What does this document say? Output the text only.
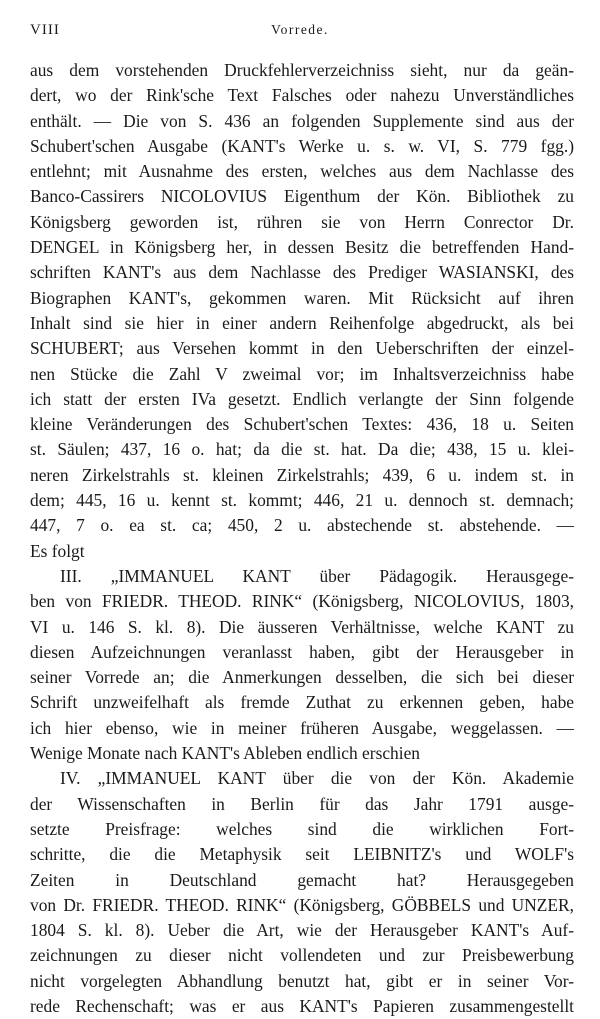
VIII	Vorrede.
aus dem vorstehenden Druckfehlerverzeichniss sieht, nur da geän-
dert, wo der Rink'sche Text Falsches oder nahezu Unverständliches
enthält. — Die von S. 436 an folgenden Supplemente sind aus der
Schubert'schen Ausgabe (KANT's Werke u. s. w. VI, S. 779 fgg.)
entlehnt; mit Ausnahme des ersten, welches aus dem Nachlasse des
Banco-Cassirers NICOLOVIUS Eigenthum der Kön. Bibliothek zu
Königsberg geworden ist, rühren sie von Herrn Conrector Dr.
DENGEL in Königsberg her, in dessen Besitz die betreffenden Hand-
schriften KANT's aus dem Nachlasse des Prediger WASIANSKI, des
Biographen KANT's, gekommen waren. Mit Rücksicht auf ihren
Inhalt sind sie hier in einer andern Reihenfolge abgedruckt, als bei
SCHUBERT; aus Versehen kommt in den Ueberschriften der einzel-
nen Stücke die Zahl V zweimal vor; im Inhaltsverzeichniss habe
ich statt der ersten IVa gesetzt. Endlich verlangte der Sinn folgende
kleine Veränderungen des Schubert'schen Textes: 436, 18 u. Seiten
st. Säulen; 437, 16 o. hat; da die st. hat. Da die; 438, 15 u. klei-
neren Zirkelstrahls st. kleinen Zirkelstrahls; 439, 6 u. indem st. in
dem; 445, 16 u. kennt st. kommt; 446, 21 u. dennoch st. demnach;
447, 7 o. ea st. ca; 450, 2 u. abstechende st. abstehende. —
Es folgt
III. „IMMANUEL KANT über Pädagogik. Herausgege-
ben von FRIEDR. THEOD. RINK“ (Königsberg, NICOLOVIUS, 1803,
VI u. 146 S. kl. 8). Die äusseren Verhältnisse, welche KANT zu
diesen Aufzeichnungen veranlasst haben, gibt der Herausgeber in
seiner Vorrede an; die Anmerkungen desselben, die sich bei dieser
Schrift unzweifelhaft als fremde Zuthat zu erkennen geben, habe
ich hier ebenso, wie in meiner früheren Ausgabe, weggelassen. —
Wenige Monate nach KANT's Ableben endlich erschien
IV. „IMMANUEL KANT über die von der Kön. Akademie
der Wissenschaften in Berlin für das Jahr 1791 ausge-
setzte Preisfrage: welches sind die wirklichen Fort-
schritte, die die Metaphysik seit LEIBNITZ's und WOLF's
Zeiten in Deutschland gemacht hat? Herausgegeben
von Dr. FRIEDR. THEOD. RINK“ (Königsberg, GÖBBELS und UNZER,
1804 S. kl. 8). Ueber die Art, wie der Herausgeber KANT's Auf-
zeichnungen zu dieser nicht vollendeten und zur Preisbewerbung
nicht vorgelegten Abhandlung benutzt hat, gibt er in seiner Vor-
rede Rechenschaft; was er aus KANT's Papieren zusammengestellt
